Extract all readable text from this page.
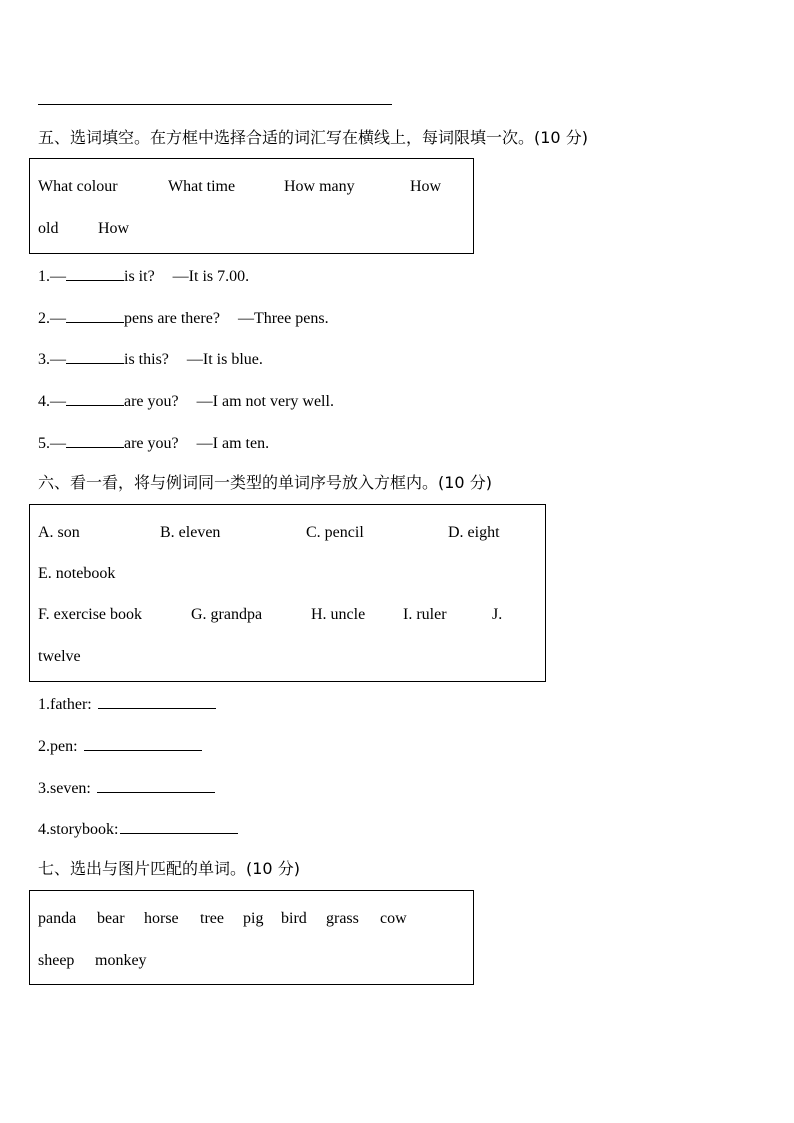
五、选词填空。在方框中选择合适的词汇写在横线上，每词限填一次。(10 分)
What colour	What time	How many	How
old How
1.—	is it? —It is 7.00.
2.—	pens are there? —Three pens.
3.—	is this? —It is blue.
4.—	are you? —I am not very well.
5.—	are you? —I am ten.
六、看一看，将与例词同一类型的单词序号放入方框内。(10 分)
A. son	B. eleven	C. pencil	D. eight
E. notebook
F. exercise book	G. grandpa	H. uncle I. ruler	J.
twelve
1.father:
2.pen:
3.seven:
4.storybook:
七、选出与图片匹配的单词。(10 分)
panda bear horse tree pig bird grass cow
sheep monkey
